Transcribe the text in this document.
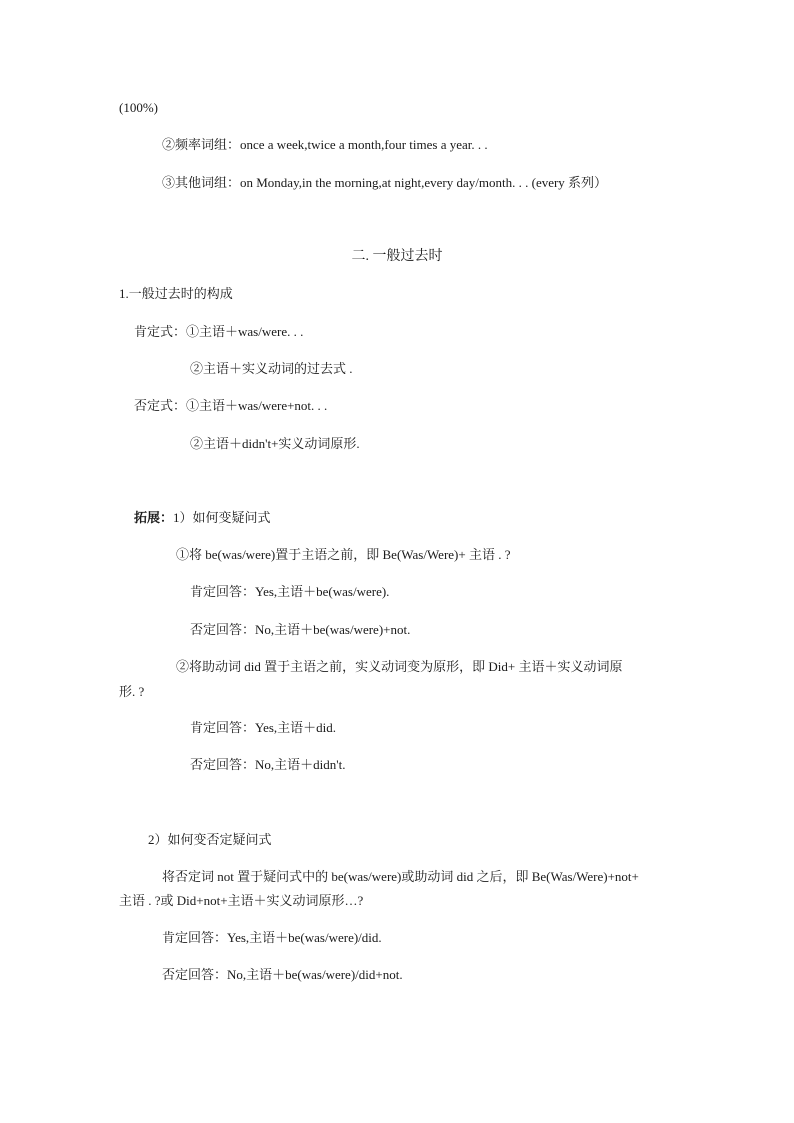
(100%)
②频率词组：once a week,twice a month,four times a year. . .
③其他词组：on Monday,in the morning,at night,every day/month. . . (every 系列）
二. 一般过去时
1.一般过去时的构成
肯定式：①主语＋was/were. . .
②主语＋实义动词的过去式 .
否定式：①主语＋was/were+not. . .
②主语＋didn't+实义动词原形.
拓展：1）如何变疑问式
①将 be(was/were)置于主语之前，即 Be(Was/Were)+ 主语 . ?
肯定回答：Yes,主语＋be(was/were).
否定回答：No,主语＋be(was/were)+not.
②将助动词 did 置于主语之前，实义动词变为原形，即 Did+ 主语＋实义动词原
形. ?
肯定回答：Yes,主语＋did.
否定回答：No,主语＋didn't.
2）如何变否定疑问式
将否定词 not 置于疑问式中的 be(was/were)或助动词 did 之后，即 Be(Was/Were)+not+
主语 . ?或 Did+not+主语＋实义动词原形…?
肯定回答：Yes,主语＋be(was/were)/did.
否定回答：No,主语＋be(was/were)/did+not.
